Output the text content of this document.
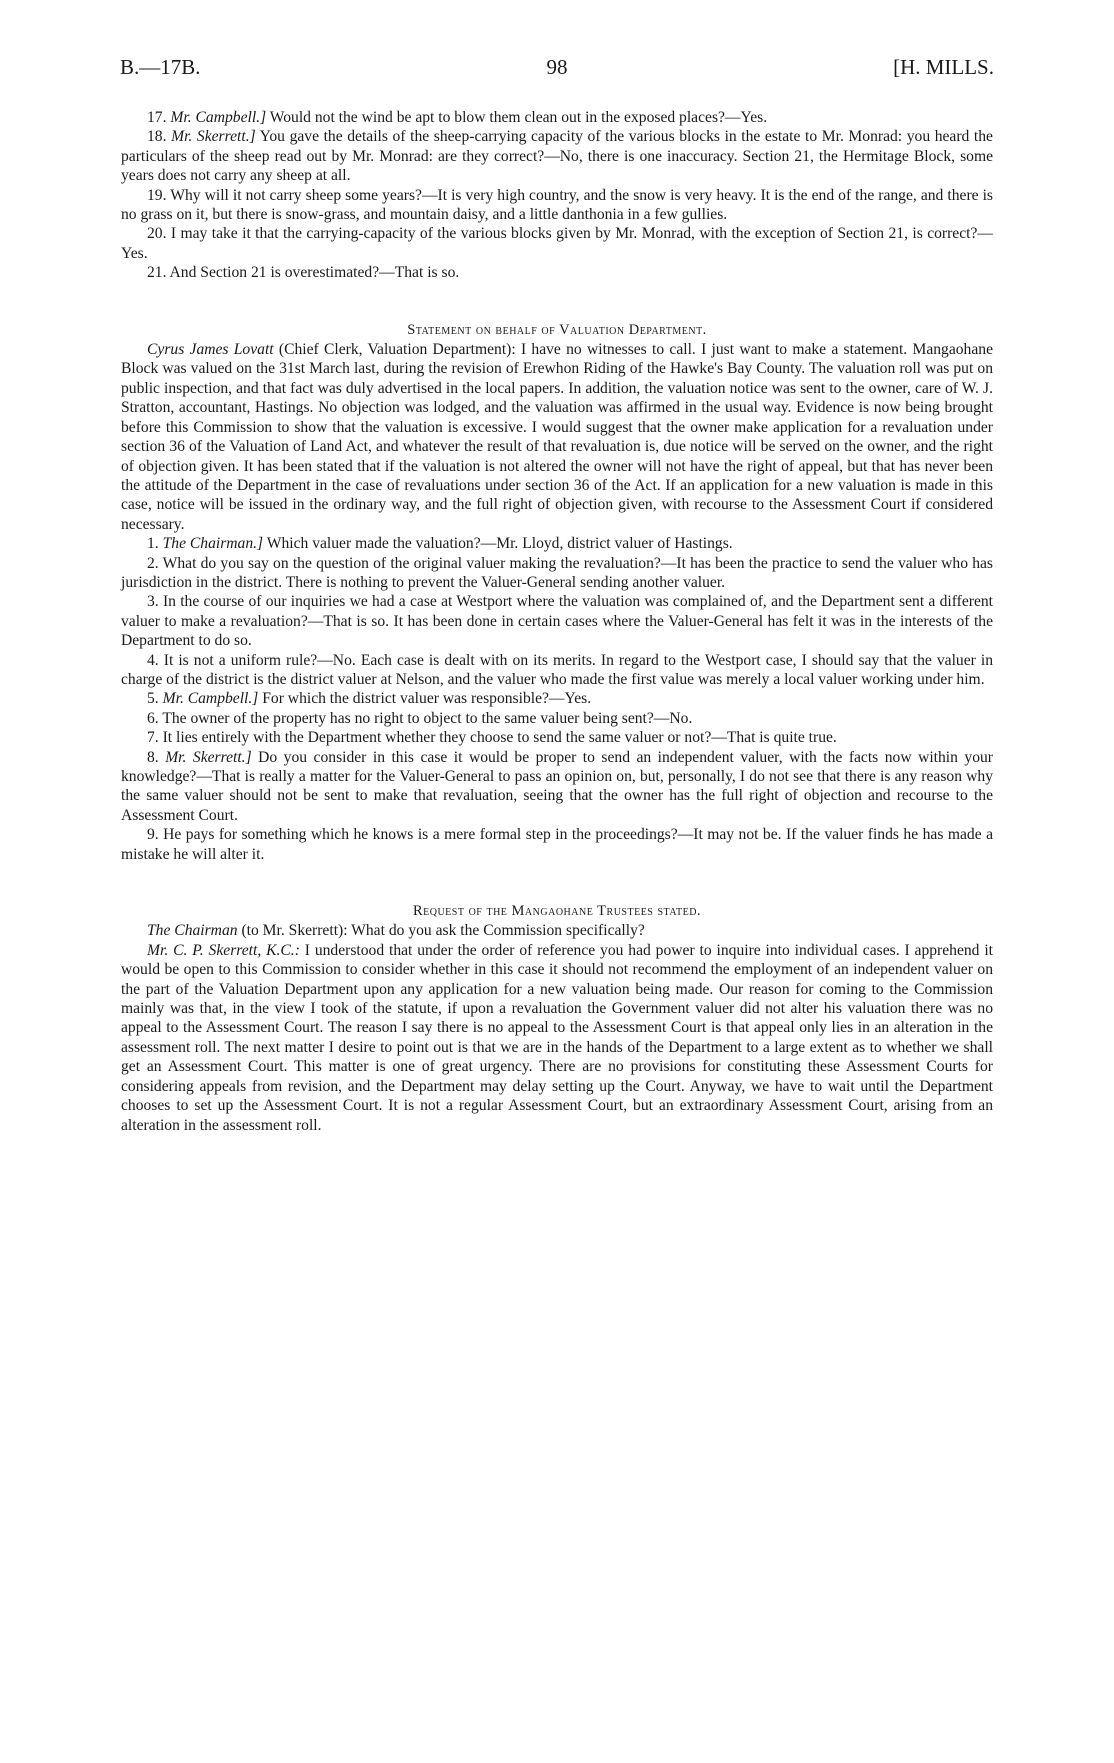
B.—17B.	98	[H. MILLS.

17. Mr. Campbell.] Would not the wind be apt to blow them clean out in the exposed places?—Yes.

18. Mr. Skerrett.] You gave the details of the sheep-carrying capacity of the various blocks in the estate to Mr. Monrad: you heard the particulars of the sheep read out by Mr. Monrad: are they correct?—No, there is one inaccuracy. Section 21, the Hermitage Block, some years does not carry any sheep at all.

19. Why will it not carry sheep some years?—It is very high country, and the snow is very heavy. It is the end of the range, and there is no grass on it, but there is snow-grass, and mountain daisy, and a little danthonia in a few gullies.

20. I may take it that the carrying-capacity of the various blocks given by Mr. Monrad, with the exception of Section 21, is correct?—Yes.

21. And Section 21 is overestimated?—That is so.

Statement on behalf of Valuation Department.

Cyrus James Lovatt (Chief Clerk, Valuation Department): I have no witnesses to call. I just want to make a statement. Mangaohane Block was valued on the 31st March last, during the revision of Erewhon Riding of the Hawke's Bay County. The valuation roll was put on public inspection, and that fact was duly advertised in the local papers. In addition, the valuation notice was sent to the owner, care of W. J. Stratton, accountant, Hastings. No objection was lodged, and the valuation was affirmed in the usual way. Evidence is now being brought before this Commission to show that the valuation is excessive. I would suggest that the owner make application for a revaluation under section 36 of the Valuation of Land Act, and whatever the result of that revaluation is, due notice will be served on the owner, and the right of objection given. It has been stated that if the valuation is not altered the owner will not have the right of appeal, but that has never been the attitude of the Department in the case of revaluations under section 36 of the Act. If an application for a new valuation is made in this case, notice will be issued in the ordinary way, and the full right of objection given, with recourse to the Assessment Court if considered necessary.

1. The Chairman.] Which valuer made the valuation?—Mr. Lloyd, district valuer of Hastings.

2. What do you say on the question of the original valuer making the revaluation?—It has been the practice to send the valuer who has jurisdiction in the district. There is nothing to prevent the Valuer-General sending another valuer.

3. In the course of our inquiries we had a case at Westport where the valuation was complained of, and the Department sent a different valuer to make a revaluation?—That is so. It has been done in certain cases where the Valuer-General has felt it was in the interests of the Department to do so.

4. It is not a uniform rule?—No. Each case is dealt with on its merits. In regard to the Westport case, I should say that the valuer in charge of the district is the district valuer at Nelson, and the valuer who made the first value was merely a local valuer working under him.

5. Mr. Campbell.] For which the district valuer was responsible?—Yes.

6. The owner of the property has no right to object to the same valuer being sent?—No.

7. It lies entirely with the Department whether they choose to send the same valuer or not?—That is quite true.

8. Mr. Skerrett.] Do you consider in this case it would be proper to send an independent valuer, with the facts now within your knowledge?—That is really a matter for the Valuer-General to pass an opinion on, but, personally, I do not see that there is any reason why the same valuer should not be sent to make that revaluation, seeing that the owner has the full right of objection and recourse to the Assessment Court.

9. He pays for something which he knows is a mere formal step in the proceedings?—It may not be. If the valuer finds he has made a mistake he will alter it.

Request of the Mangaohane Trustees stated.

The Chairman (to Mr. Skerrett): What do you ask the Commission specifically?

Mr. C. P. Skerrett, K.C.: I understood that under the order of reference you had power to inquire into individual cases. I apprehend it would be open to this Commission to consider whether in this case it should not recommend the employment of an independent valuer on the part of the Valuation Department upon any application for a new valuation being made. Our reason for coming to the Commission mainly was that, in the view I took of the statute, if upon a revaluation the Government valuer did not alter his valuation there was no appeal to the Assessment Court. The reason I say there is no appeal to the Assessment Court is that appeal only lies in an alteration in the assessment roll. The next matter I desire to point out is that we are in the hands of the Department to a large extent as to whether we shall get an Assessment Court. This matter is one of great urgency. There are no provisions for constituting these Assessment Courts for considering appeals from revision, and the Department may delay setting up the Court. Anyway, we have to wait until the Department chooses to set up the Assessment Court. It is not a regular Assessment Court, but an extraordinary Assessment Court, arising from an alteration in the assessment roll.
